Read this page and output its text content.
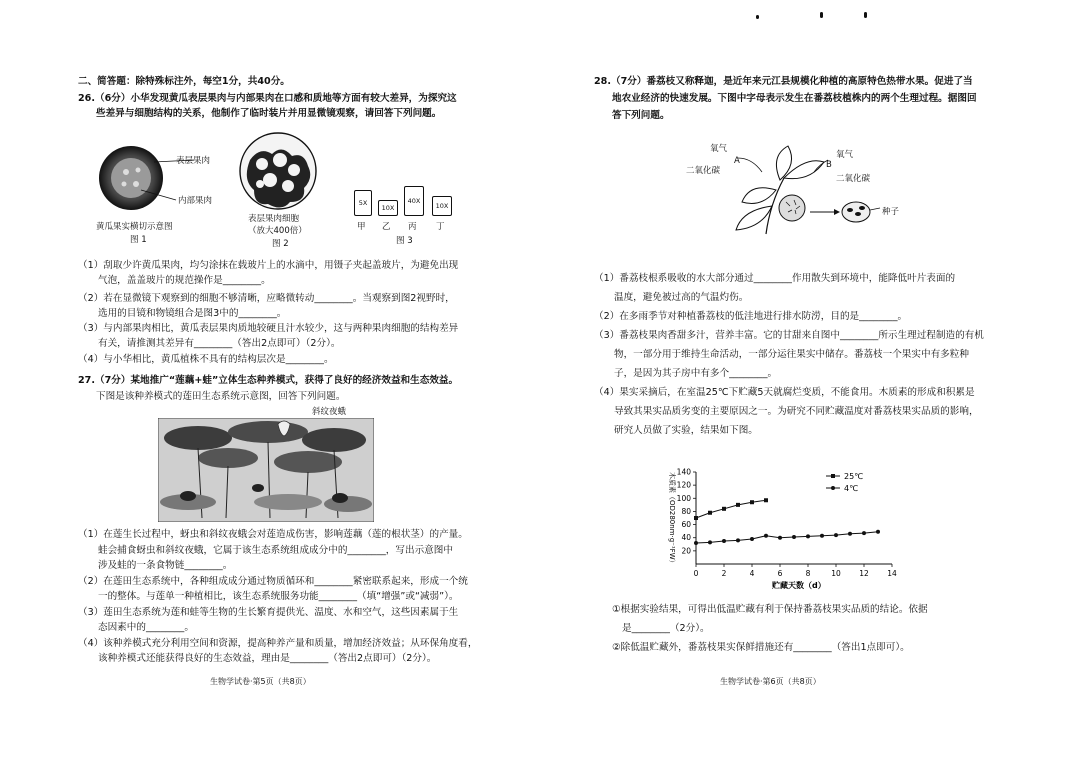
二、简答题：除特殊标注外，每空1分，共40分。
26.（6分）小华发现黄瓜表层果肉与内部果肉在口感和质地等方面有较大差异，为探究这
些差异与细胞结构的关系，他制作了临时装片并用显微镜观察，请回答下列问题。
表层果肉
内部果肉
黄瓜果实横切示意图
图 1
表层果肉细胞
（放大400倍）
图 2
5X
10X
40X
10X
甲 乙 丙 丁
图 3
（1）刮取少许黄瓜果肉，均匀涂抹在载玻片上的水滴中，用镊子夹起盖玻片，为避免出现
气泡，盖盖玻片的规范操作是________。
（2）若在显微镜下观察到的细胞不够清晰，应略微转动________。当观察到图2视野时，
选用的目镜和物镜组合是图3中的________。
（3）与内部果肉相比，黄瓜表层果肉质地较硬且汁水较少，这与两种果肉细胞的结构差异
有关，请推测其差异有________（答出2点即可）（2分）。
（4）与小华相比，黄瓜植株不具有的结构层次是________。
27.（7分）某地推广“莲藕+蛙”立体生态种养模式，获得了良好的经济效益和生态效益。
下图是该种养模式的莲田生态系统示意图，回答下列问题。
斜纹夜蛾
（1）在莲生长过程中，蚜虫和斜纹夜蛾会对莲造成伤害，影响莲藕（莲的根状茎）的产量。
蛙会捕食蚜虫和斜纹夜蛾，它属于该生态系统组成成分中的________，写出示意图中
涉及蛙的一条食物链________。
（2）在莲田生态系统中，各种组成成分通过物质循环和________紧密联系起来，形成一个统
一的整体。与莲单一种植相比，该生态系统服务功能________（填“增强”或“减弱”）。
（3）莲田生态系统为莲和蛙等生物的生长繁育提供光、温度、水和空气，这些因素属于生
态因素中的________。
（4）该种养模式充分利用空间和资源，提高种养产量和质量，增加经济效益；从环保角度看，
该种养模式还能获得良好的生态效益，理由是________（答出2点即可）（2分）。
生物学试卷·第5页（共8页）
28.（7分）番荔枝又称释迦，是近年来元江县规模化种植的高原特色热带水果。促进了当
地农业经济的快速发展。下图中字母表示发生在番荔枝植株内的两个生理过程。据图回
答下列问题。
氧气
A
二氧化碳
氧气
B
二氧化碳
种子
（1）番荔枝根系吸收的水大部分通过________作用散失到环境中，能降低叶片表面的
温度，避免被过高的气温灼伤。
（2）在多雨季节对种植番荔枝的低洼地进行排水防涝，目的是________。
（3）番荔枝果肉香甜多汁，营养丰富。它的甘甜来自图中________所示生理过程制造的有机
物，一部分用于维持生命活动，一部分运往果实中储存。番荔枝一个果实中有多粒种
子，是因为其子房中有多个________。
（4）果实采摘后，在室温25℃下贮藏5天就腐烂变质，不能食用。木质素的形成和积累是
导致其果实品质劣变的主要原因之一。为研究不同贮藏温度对番荔枝果实品质的影响，
研究人员做了实验，结果如下图。
木质素（OD280nm·g⁻¹FW）
贮藏天数（d）
0	2	4	6	8	10 12 14
20
40
60
80
100
120
140	25℃
4℃
①根据实验结果，可得出低温贮藏有利于保持番荔枝果实品质的结论。依据
是________（2分）。
②除低温贮藏外，番荔枝果实保鲜措施还有________（答出1点即可）。
生物学试卷·第6页（共8页）
